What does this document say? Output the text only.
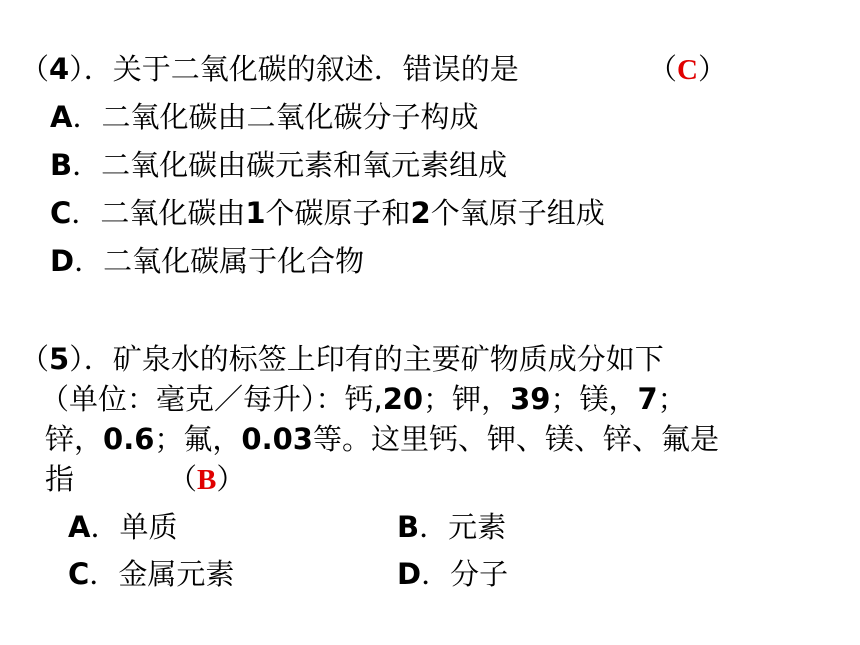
（4）．关于二氧化碳的叙述．错误的是	（C）
A．二氧化碳由二氧化碳分子构成
B．二氧化碳由碳元素和氧元素组成
C．二氧化碳由1个碳原子和2个氧原子组成
D．二氧化碳属于化合物
（5）．矿泉水的标签上印有的主要矿物质成分如下
（单位：毫克／每升）：钙,20；钾，39；镁，7；
锌，0.6；氟，0.03等。这里钙、钾、镁、锌、氟是
指	（B）
A．单质	B．元素
C．金属元素	D．分子
